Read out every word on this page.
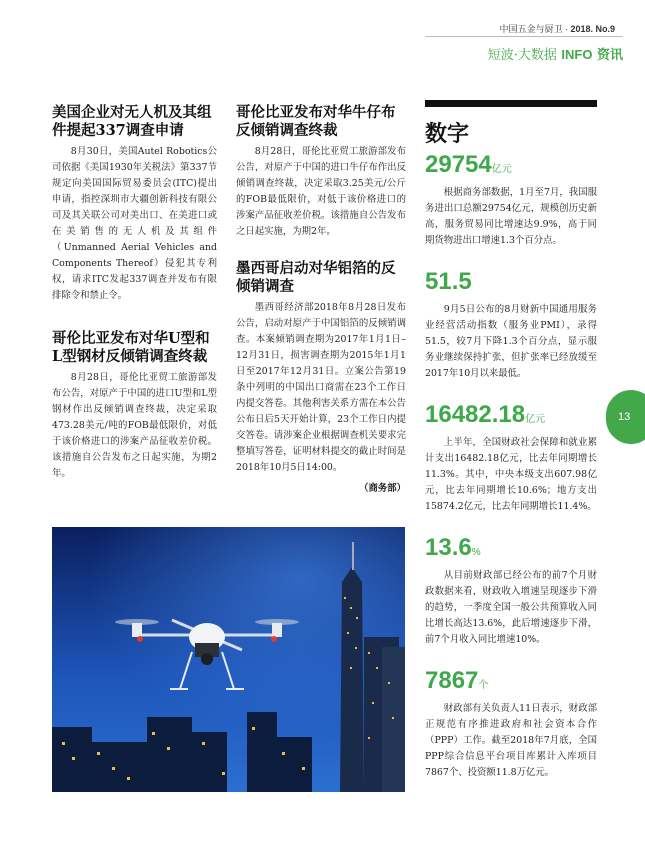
中国五金与厨卫 · 2018. No.9
短波·大数据 INFO 资讯
13
美国企业对无人机及其组件提起337调查申请

8月30日，美国Autel Robotics公司依据《美国1930年关税法》第337节规定向美国国际贸易委员会(ITC)提出申请，指控深圳市大疆创新科技有限公司及其关联公司对美出口、在美进口或在美销售的无人机及其组件（Unmanned Aerial Vehicles and Components Thereof）侵犯其专利权，请求ITC发起337调查并发布有限排除令和禁止令。

哥伦比亚发布对华U型和L型钢材反倾销调查终裁

8月28日，哥伦比亚贸工旅游部发布公告，对原产于中国的进口U型和L型钢材作出反倾销调查终裁，决定采取473.28美元/吨的FOB最低限价，对低于该价格进口的涉案产品征收差价税。该措施自公告发布之日起实施，为期2年。

哥伦比亚发布对华牛仔布反倾销调查终裁

8月28日，哥伦比亚贸工旅游部发布公告，对原产于中国的进口牛仔布作出反倾销调查终裁，决定采取3.25美元/公斤的FOB最低限价，对低于该价格进口的涉案产品征收差价税。该措施自公告发布之日起实施，为期2年。

墨西哥启动对华铝箔的反倾销调查

墨西哥经济部2018年8月28日发布公告，启动对原产于中国铝箔的反倾销调查。本案倾销调查期为2017年1月1日–12月31日，损害调查期为2015年1月1日至2017年12月31日。立案公告第19条中列明的中国出口商需在23个工作日内提交答卷。其他利害关系方需在本公告公布日后5天开始计算，23个工作日内提交答卷。请涉案企业根据调查机关要求完整填写答卷，证明材料提交的截止时间是2018年10月5日14:00。

（商务部）
数字
29754亿元

根据商务部数据，1月至7月，我国服务进出口总额29754亿元，规模创历史新高，服务贸易同比增速达9.9%，高于同期货物进出口增速1.3个百分点。

51.5

9月5日公布的8月财新中国通用服务业经营活动指数（服务业PMI），录得51.5，较7月下降1.3个百分点，显示服务业继续保持扩张，但扩张率已经放缓至2017年10月以来最低。

16482.18亿元

上半年，全国财政社会保障和就业累计支出16482.18亿元，比去年同期增长11.3%。其中，中央本级支出607.98亿元，比去年同期增长10.6%；地方支出15874.2亿元，比去年同期增长11.4%。

13.6%

从目前财政部已经公布的前7个月财政数据来看，财政收入增速呈现逐步下滑的趋势，一季度全国一般公共预算收入同比增长高达13.6%，此后增速逐步下滑，前7个月收入同比增速10%。

7867个

财政部有关负责人11日表示，财政部正规范有序推进政府和社会资本合作（PPP）工作。截至2018年7月底，全国PPP综合信息平台项目库累计入库项目7867个、投资额11.8万亿元。
